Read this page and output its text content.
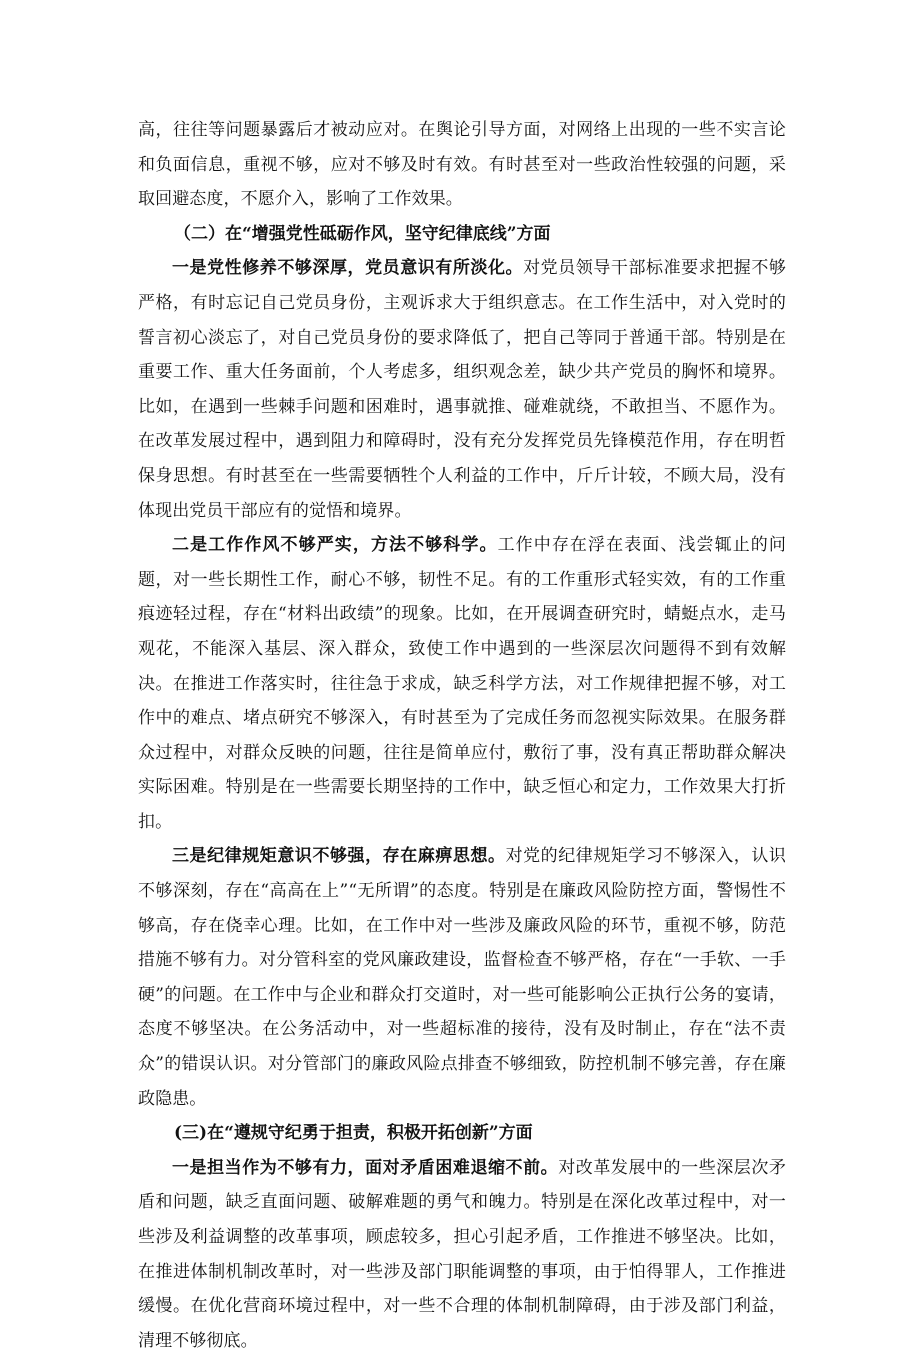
高，往往等问题暴露后才被动应对。在舆论引导方面，对网络上出现的一些不实言论和负面信息，重视不够，应对不够及时有效。有时甚至对一些政治性较强的问题，采取回避态度，不愿介入，影响了工作效果。

（二）在“增强党性砥砺作风，坚守纪律底线”方面

一是党性修养不够深厚，党员意识有所淡化。对党员领导干部标准要求把握不够严格，有时忘记自己党员身份，主观诉求大于组织意志。在工作生活中，对入党时的誓言初心淡忘了，对自己党员身份的要求降低了，把自己等同于普通干部。特别是在重要工作、重大任务面前，个人考虑多，组织观念差，缺少共产党员的胸怀和境界。比如，在遇到一些棘手问题和困难时，遇事就推、碰难就绕，不敢担当、不愿作为。在改革发展过程中，遇到阻力和障碍时，没有充分发挥党员先锋模范作用，存在明哲保身思想。有时甚至在一些需要牺牲个人利益的工作中，斤斤计较，不顾大局，没有体现出党员干部应有的觉悟和境界。

二是工作作风不够严实，方法不够科学。工作中存在浮在表面、浅尝辄止的问题，对一些长期性工作，耐心不够，韧性不足。有的工作重形式轻实效，有的工作重痕迹轻过程，存在“材料出政绩”的现象。比如，在开展调查研究时，蜻蜓点水，走马观花，不能深入基层、深入群众，致使工作中遇到的一些深层次问题得不到有效解决。在推进工作落实时，往往急于求成，缺乏科学方法，对工作规律把握不够，对工作中的难点、堵点研究不够深入，有时甚至为了完成任务而忽视实际效果。在服务群众过程中，对群众反映的问题，往往是简单应付，敷衍了事，没有真正帮助群众解决实际困难。特别是在一些需要长期坚持的工作中，缺乏恒心和定力，工作效果大打折扣。

三是纪律规矩意识不够强，存在麻痹思想。对党的纪律规矩学习不够深入，认识不够深刻，存在“高高在上”“无所谓”的态度。特别是在廉政风险防控方面，警惕性不够高，存在侥幸心理。比如，在工作中对一些涉及廉政风险的环节，重视不够，防范措施不够有力。对分管科室的党风廉政建设，监督检查不够严格，存在“一手软、一手硬”的问题。在工作中与企业和群众打交道时，对一些可能影响公正执行公务的宴请，态度不够坚决。在公务活动中，对一些超标准的接待，没有及时制止，存在“法不责众”的错误认识。对分管部门的廉政风险点排查不够细致，防控机制不够完善，存在廉政隐患。

(三)在“遵规守纪勇于担责，积极开拓创新”方面

一是担当作为不够有力，面对矛盾困难退缩不前。对改革发展中的一些深层次矛盾和问题，缺乏直面问题、破解难题的勇气和魄力。特别是在深化改革过程中，对一些涉及利益调整的改革事项，顾虑较多，担心引起矛盾，工作推进不够坚决。比如，在推进体制机制改革时，对一些涉及部门职能调整的事项，由于怕得罪人，工作推进缓慢。在优化营商环境过程中，对一些不合理的体制机制障碍，由于涉及部门利益，清理不够彻底。
